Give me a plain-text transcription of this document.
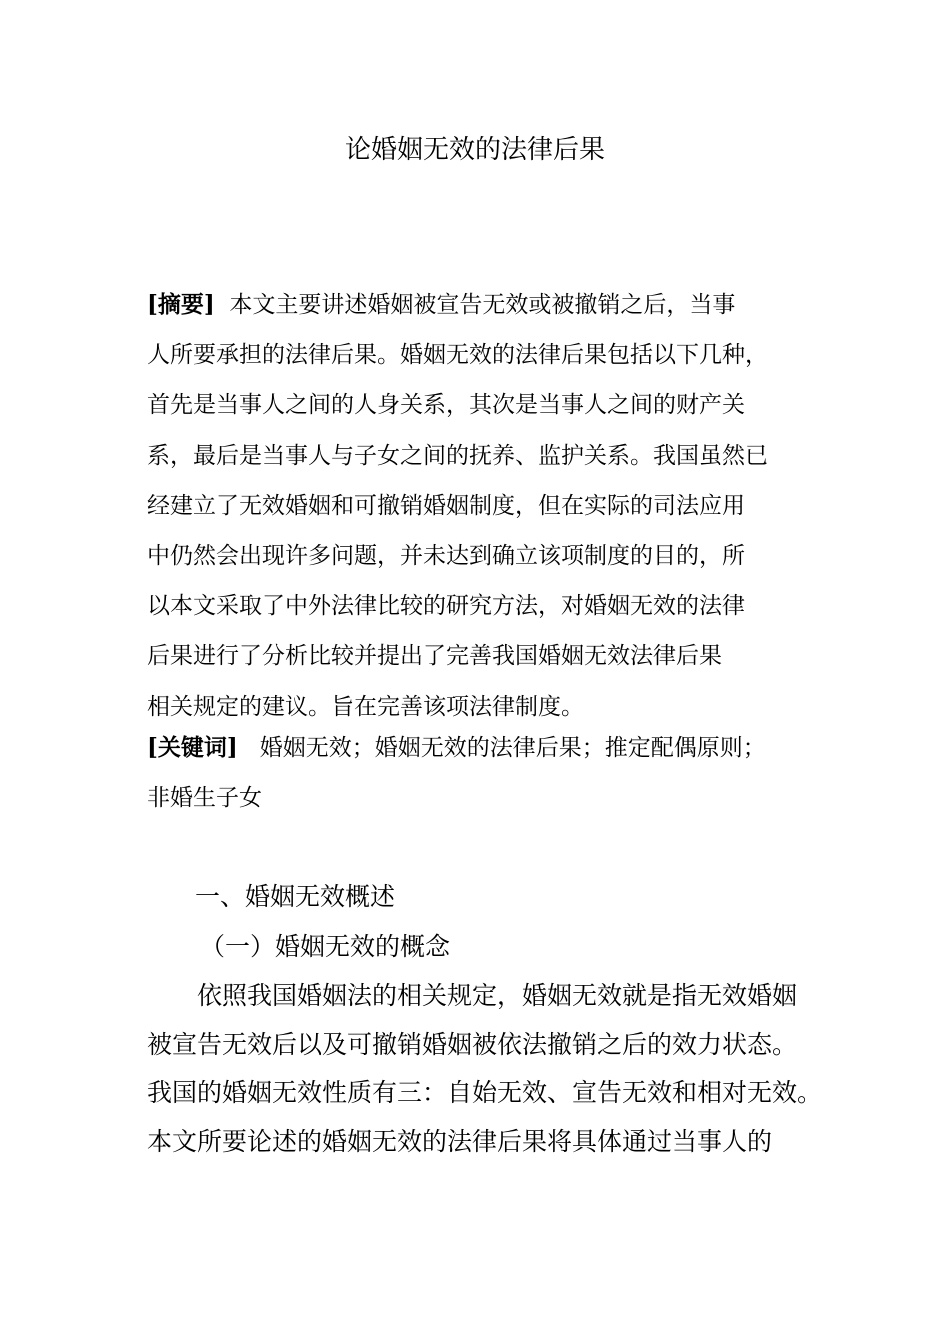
论婚姻无效的法律后果
[摘要] 本文主要讲述婚姻被宣告无效或被撤销之后，当事
人所要承担的法律后果。婚姻无效的法律后果包括以下几种，
首先是当事人之间的人身关系，其次是当事人之间的财产关
系，最后是当事人与子女之间的抚养、监护关系。我国虽然已
经建立了无效婚姻和可撤销婚姻制度，但在实际的司法应用
中仍然会出现许多问题，并未达到确立该项制度的目的，所
以本文采取了中外法律比较的研究方法，对婚姻无效的法律
后果进行了分析比较并提出了完善我国婚姻无效法律后果
相关规定的建议。旨在完善该项法律制度。
[关键词] 婚姻无效；婚姻无效的法律后果；推定配偶原则；
非婚生子女
一、婚姻无效概述
（一）婚姻无效的概念
依照我国婚姻法的相关规定，婚姻无效就是指无效婚姻
被宣告无效后以及可撤销婚姻被依法撤销之后的效力状态。
我国的婚姻无效性质有三：自始无效、宣告无效和相对无效。
本文所要论述的婚姻无效的法律后果将具体通过当事人的
